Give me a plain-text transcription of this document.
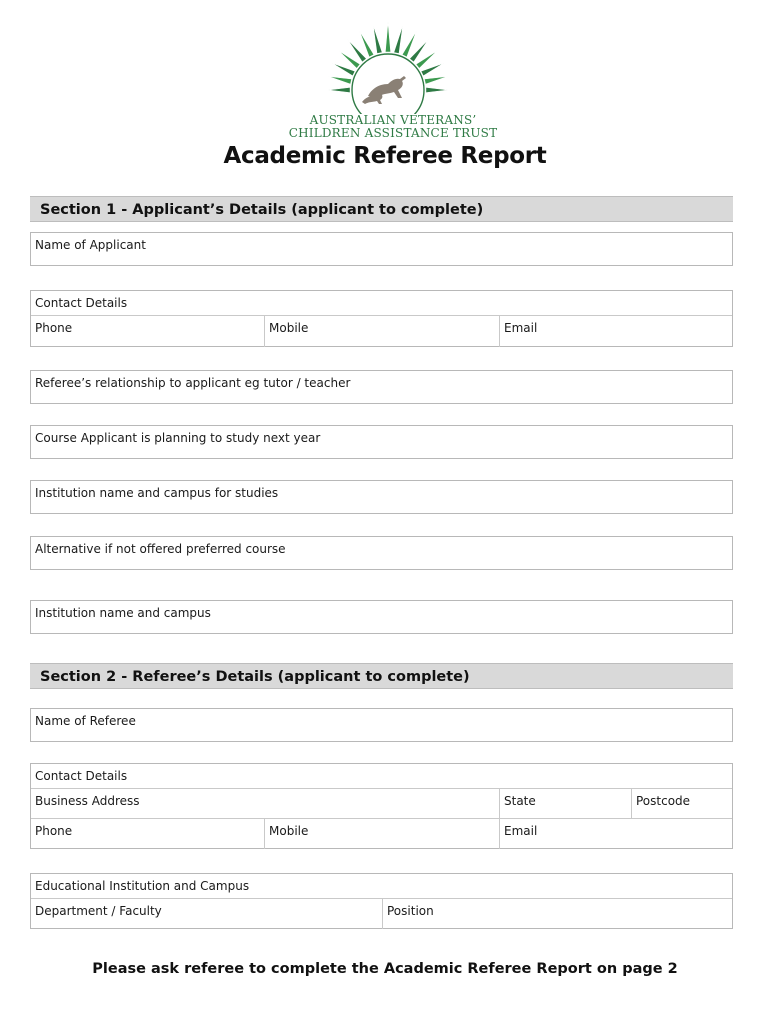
AUSTRALIAN VETERANS’
CHILDREN ASSISTANCE TRUST
Academic Referee Report
Section 1 - Applicant’s Details (applicant to complete)
Name of Applicant
Contact Details
Phone	Mobile	Email
Referee’s relationship to applicant eg tutor / teacher
Course Applicant is planning to study next year
Institution name and campus for studies
Alternative if not offered preferred course
Institution name and campus
Section 2 - Referee’s Details (applicant to complete)
Name of Referee
Contact Details
Business Address	State	Postcode
Phone	Mobile	Email
Educational Institution and Campus
Department / Faculty	Position
Please ask referee to complete the Academic Referee Report on page 2
